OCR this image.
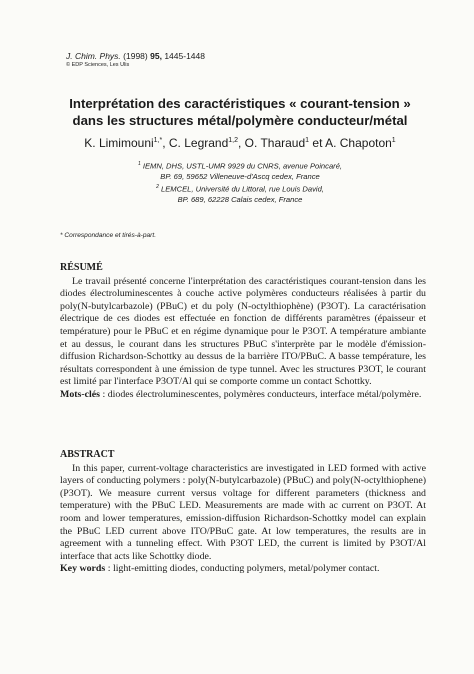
J. Chim. Phys. (1998) 95, 1445-1448
© EDP Sciences, Les Ulis
Interprétation des caractéristiques « courant-tension »
dans les structures métal/polymère conducteur/métal
K. Limimouni$^{1,*}$, C. Legrand$^{1,2}$, O. Tharaud$^1$ et A. Chapoton$^1$
$^1$ IEMN, DHS, USTL-UMR 9929 du CNRS, avenue Poincaré,
BP. 69, 59652 Villeneuve-d'Ascq cedex, France
$^2$ LEMCEL, Université du Littoral, rue Louis David,
BP. 689, 62228 Calais cedex, France
* Correspondance et tirés-à-part.
RÉSUMÉ
Le travail présenté concerne l'interprétation des caractéristiques courant-tension dans les diodes électroluminescentes à couche active polymères conducteurs réalisées à partir du poly(N-butylcarbazole) (PBuC) et du poly (N-octylthiophène) (P3OT). La caractérisation électrique de ces diodes est effectuée en fonction de différents paramètres (épaisseur et température) pour le PBuC et en régime dynamique pour le P3OT. A température ambiante et au dessus, le courant dans les structures PBuC s'interprète par le modèle d'émission-diffusion Richardson-Schottky au dessus de la barrière ITO/PBuC. A basse température, les résultats correspondent à une émission de type tunnel. Avec les structures P3OT, le courant est limité par l'interface P3OT/Al qui se comporte comme un contact Schottky.
Mots-clés : diodes électroluminescentes, polymères conducteurs, interface métal/polymère.
ABSTRACT
In this paper, current-voltage characteristics are investigated in LED formed with active layers of conducting polymers : poly(N-butylcarbazole) (PBuC) and poly(N-octylthiophene) (P3OT). We measure current versus voltage for different parameters (thickness and temperature) with the PBuC LED. Measurements are made with ac current on P3OT. At room and lower temperatures, emission-diffusion Richardson-Schottky model can explain the PBuC LED current above ITO/PBuC gate. At low temperatures, the results are in agreement with a tunneling effect. With P3OT LED, the current is limited by P3OT/Al interface that acts like Schottky diode.
Key words : light-emitting diodes, conducting polymers, metal/polymer contact.
